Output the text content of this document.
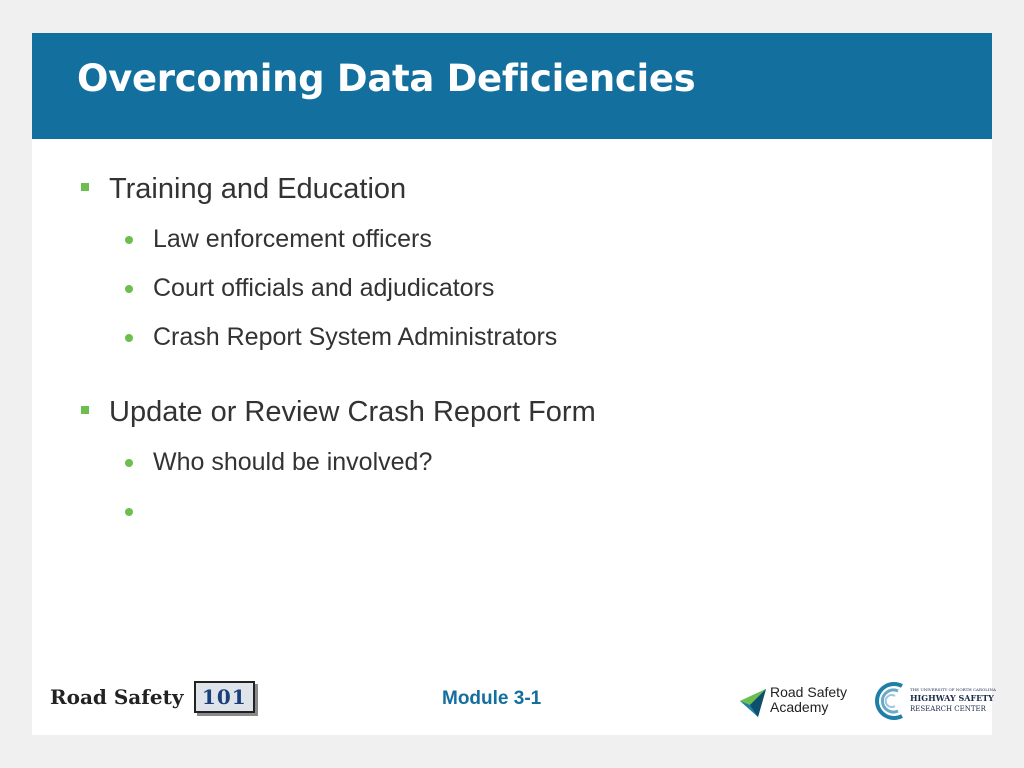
Overcoming Data Deficiencies
Training and Education
Law enforcement officers
Court officials and adjudicators
Crash Report System Administrators
Update or Review Crash Report Form
Who should be involved?
Road Safety 101	Module 3-1	Road Safety
Academy
THE UNIVERSITY OF NORTH CAROLINA
HIGHWAY SAFETY
RESEARCH CENTER
